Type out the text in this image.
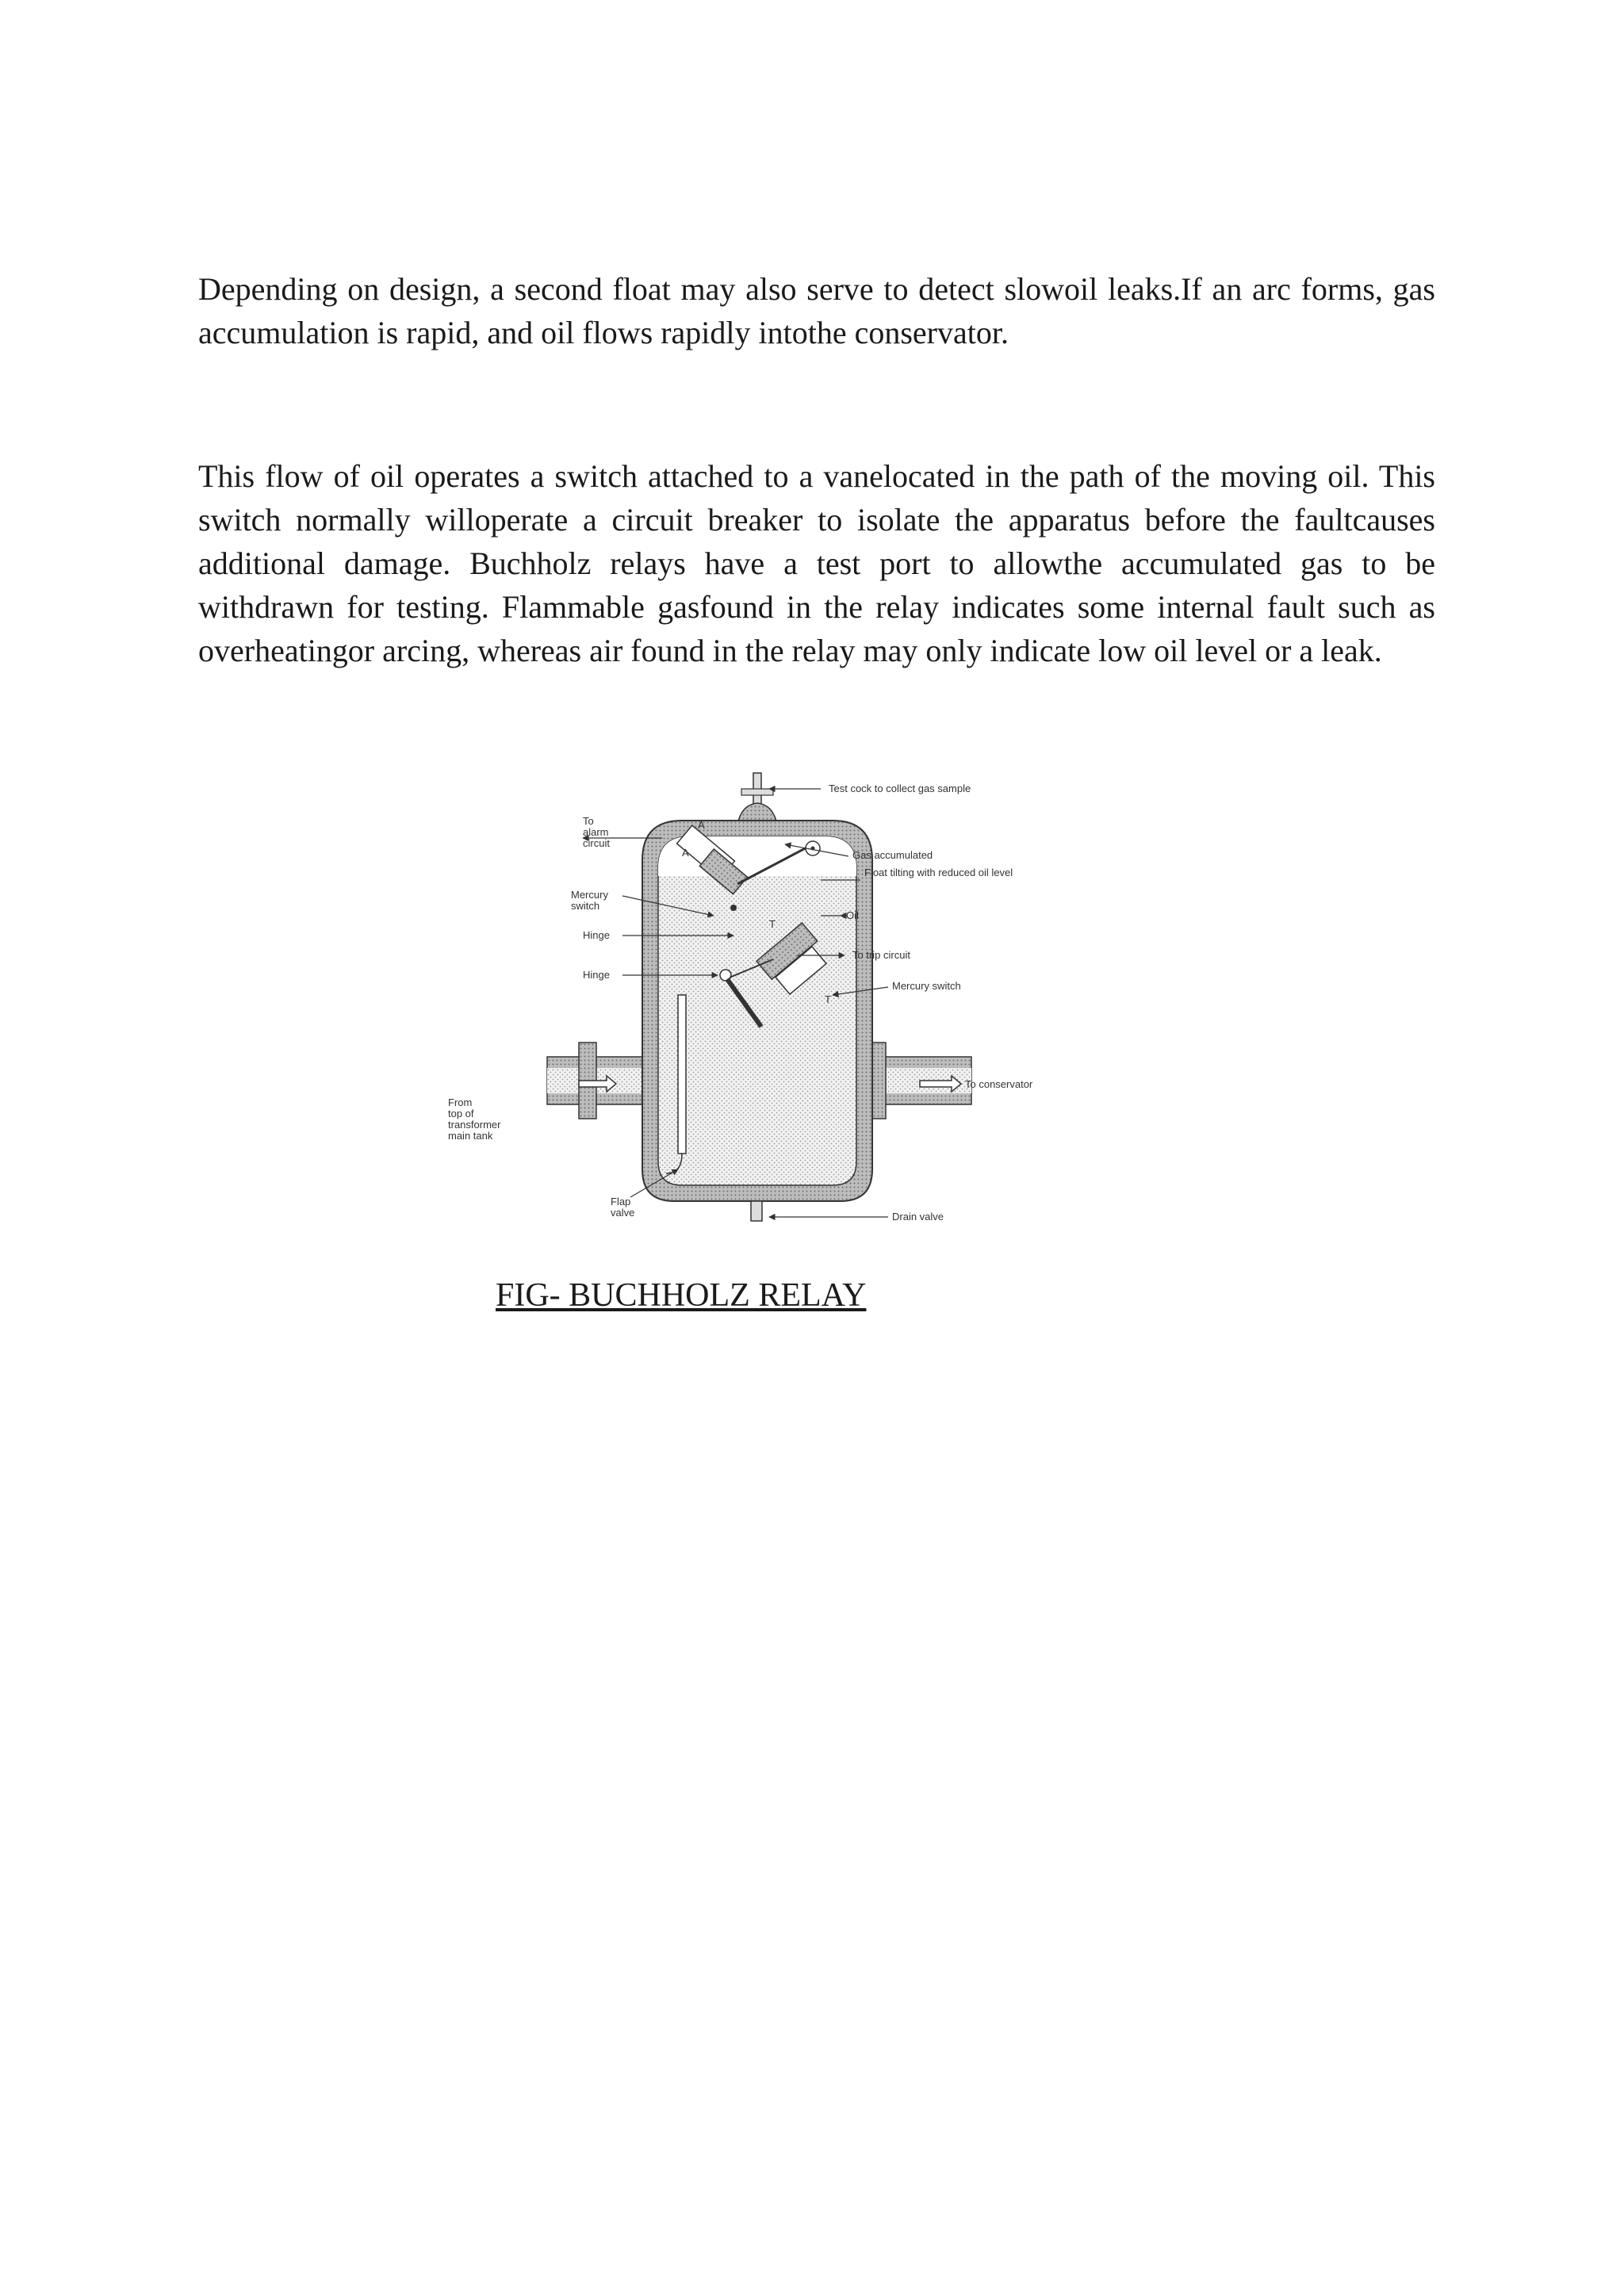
Depending on design, a second float may also serve to detect slowoil leaks.If an arc forms, gas accumulation is rapid, and oil flows rapidly intothe conservator.

This flow of oil operates a switch attached to a vanelocated in the path of the moving oil. This switch normally willoperate a circuit breaker to isolate the apparatus before the faultcauses additional damage. Buchholz relays have a test port to allowthe accumulated gas to be withdrawn for testing. Flammable gasfound in the relay indicates some internal fault such as overheatingor arcing, whereas air found in the relay may only indicate low oil level or a leak.

A
A
T
T
Test cock to collect gas sample
To
alarm
circuit
Gas accumulated
Float tilting with reduced oil level
Mercury
switch
Oil
Hinge
To trip circuit
Hinge
Mercury switch
To conservator
From
top of
transformer
main tank
Drain valve
Flap
valve

FIG- BUCHHOLZ RELAY
